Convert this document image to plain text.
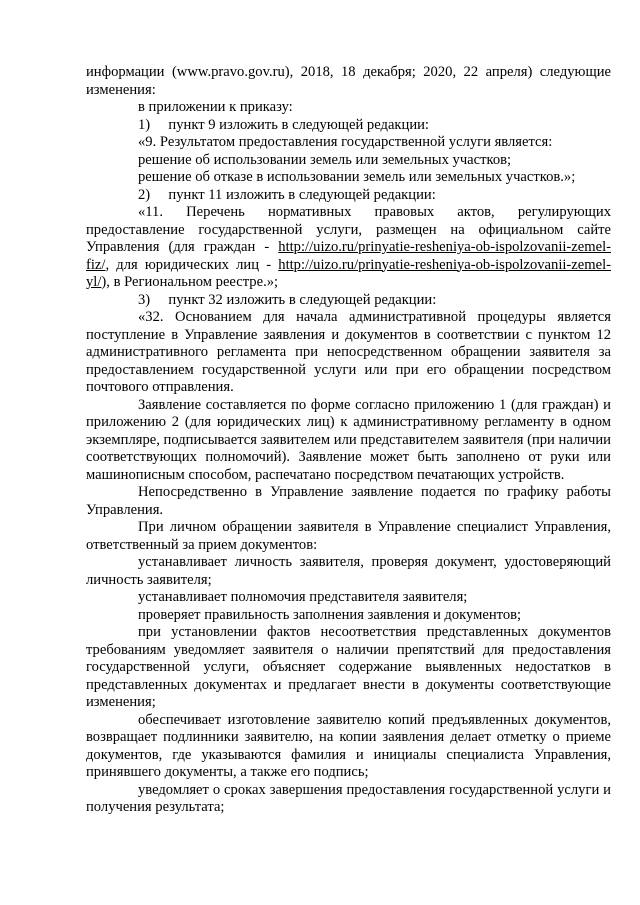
информации (www.pravo.gov.ru), 2018, 18 декабря; 2020, 22 апреля) следующие изменения:

в приложении к приказу:

1)     пункт 9 изложить в следующей редакции:

«9. Результатом предоставления государственной услуги является:

решение об использовании земель или земельных участков;

решение об отказе в использовании земель или земельных участков.»;

2)     пункт 11 изложить в следующей редакции:

«11. Перечень нормативных правовых актов, регулирующих предоставление государственной услуги, размещен на официальном сайте Управления (для граждан - http://uizo.ru/prinyatie-resheniya-ob-ispolzovanii-zemel-fiz/, для юридических лиц - http://uizo.ru/prinyatie-resheniya-ob-ispolzovanii-zemel-yl/), в Региональном реестре.»;

3)     пункт 32 изложить в следующей редакции:

«32. Основанием для начала административной процедуры является поступление в Управление заявления и документов в соответствии с пунктом 12 административного регламента при непосредственном обращении заявителя за предоставлением государственной услуги или при его обращении посредством почтового отправления.

Заявление составляется по форме согласно приложению 1 (для граждан) и приложению 2 (для юридических лиц) к административному регламенту в одном экземпляре, подписывается заявителем или представителем заявителя (при наличии соответствующих полномочий). Заявление может быть заполнено от руки или машинописным способом, распечатано посредством печатающих устройств.

Непосредственно в Управление заявление подается по графику работы Управления.

При личном обращении заявителя в Управление специалист Управления, ответственный за прием документов:

устанавливает личность заявителя, проверяя документ, удостоверяющий личность заявителя;

устанавливает полномочия представителя заявителя;

проверяет правильность заполнения заявления и документов;

при установлении фактов несоответствия представленных документов требованиям уведомляет заявителя о наличии препятствий для предоставления государственной услуги, объясняет содержание выявленных недостатков в представленных документах и предлагает внести в документы соответствующие изменения;

обеспечивает изготовление заявителю копий предъявленных документов, возвращает подлинники заявителю, на копии заявления делает отметку о приеме документов, где указываются фамилия и инициалы специалиста Управления, принявшего документы, а также его подпись;

уведомляет о сроках завершения предоставления государственной услуги и получения результата;
